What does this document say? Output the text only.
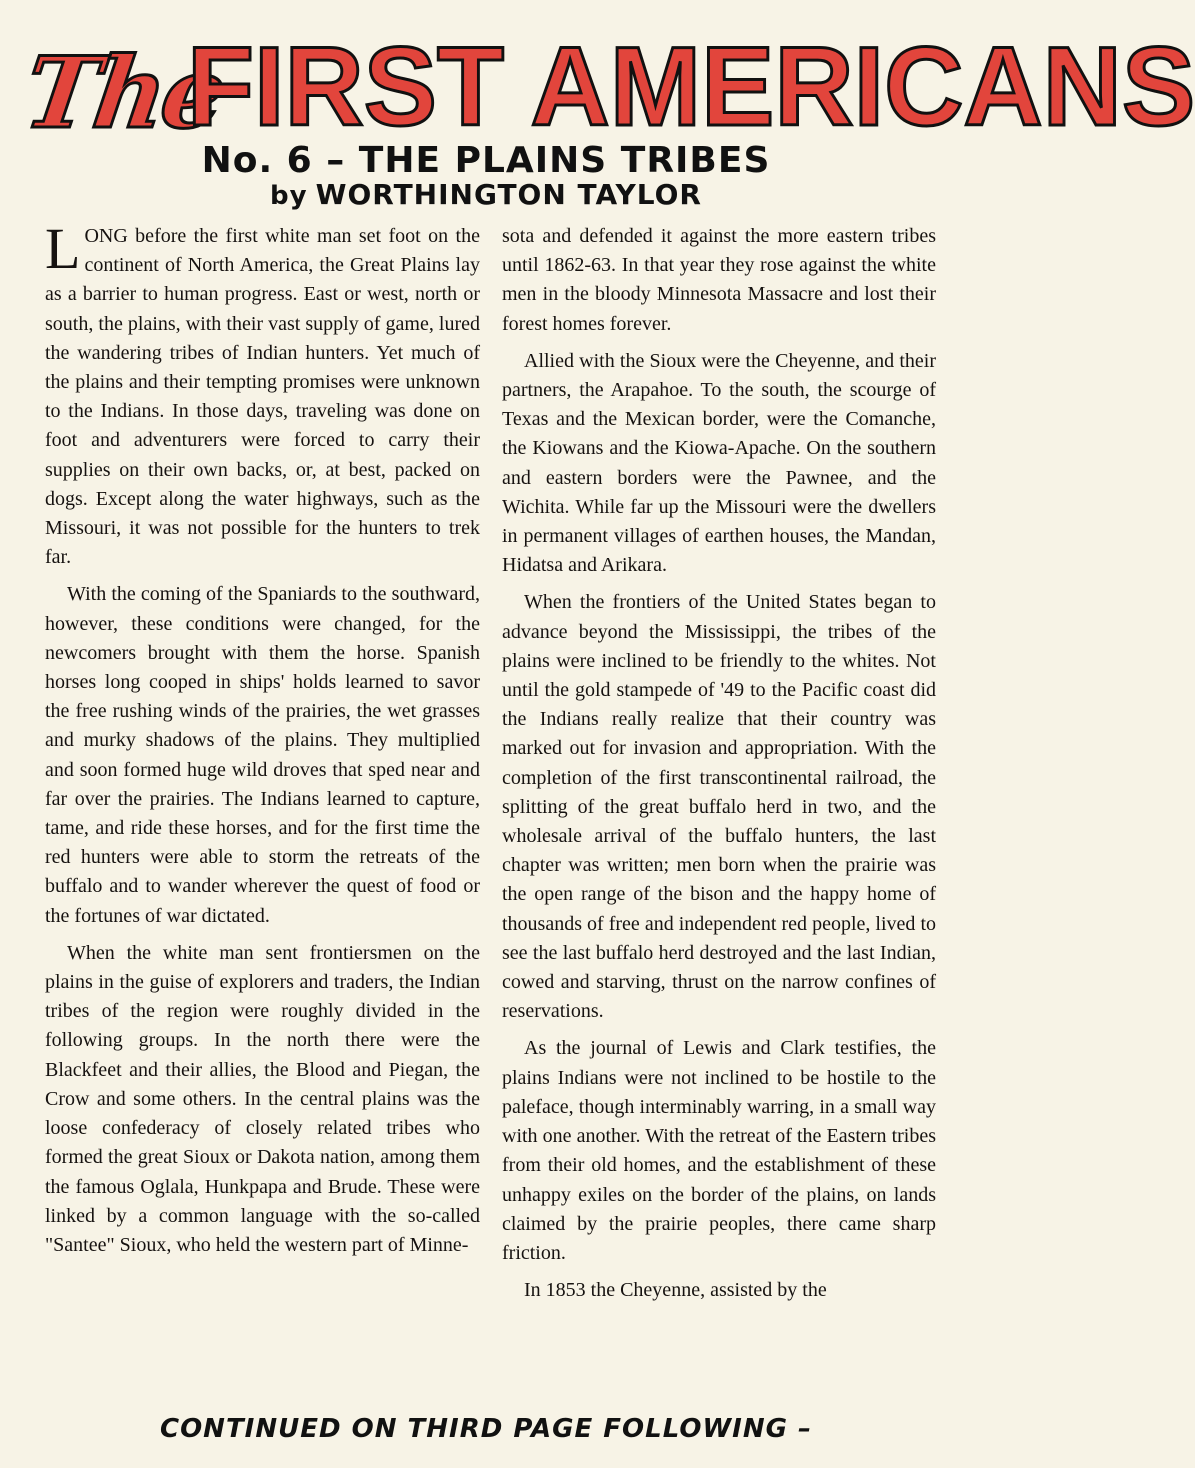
The
FIRST AMERICANS
No. 6 – THE PLAINS TRIBES
by WORTHINGTON TAYLOR

LONG before the first white man set foot on the continent of North America, the Great Plains lay as a barrier to human progress. East or west, north or south, the plains, with their vast supply of game, lured the wandering tribes of Indian hunters. Yet much of the plains and their tempting promises were unknown to the Indians. In those days, traveling was done on foot and adventurers were forced to carry their supplies on their own backs, or, at best, packed on dogs. Except along the water highways, such as the Missouri, it was not possible for the hunters to trek far.

With the coming of the Spaniards to the southward, however, these conditions were changed, for the newcomers brought with them the horse. Spanish horses long cooped in ships' holds learned to savor the free rushing winds of the prairies, the wet grasses and murky shadows of the plains. They multiplied and soon formed huge wild droves that sped near and far over the prairies. The Indians learned to capture, tame, and ride these horses, and for the first time the red hunters were able to storm the retreats of the buffalo and to wander wherever the quest of food or the fortunes of war dictated.

When the white man sent frontiersmen on the plains in the guise of explorers and traders, the Indian tribes of the region were roughly divided in the following groups. In the north there were the Blackfeet and their allies, the Blood and Piegan, the Crow and some others. In the central plains was the loose confederacy of closely related tribes who formed the great Sioux or Dakota nation, among them the famous Oglala, Hunkpapa and Brude. These were linked by a common language with the so-called "Santee" Sioux, who held the western part of Minne-

sota and defended it against the more eastern tribes until 1862-63. In that year they rose against the white men in the bloody Minnesota Massacre and lost their forest homes forever.

Allied with the Sioux were the Cheyenne, and their partners, the Arapahoe. To the south, the scourge of Texas and the Mexican border, were the Comanche, the Kiowans and the Kiowa-Apache. On the southern and eastern borders were the Pawnee, and the Wichita. While far up the Missouri were the dwellers in permanent villages of earthen houses, the Mandan, Hidatsa and Arikara.

When the frontiers of the United States began to advance beyond the Mississippi, the tribes of the plains were inclined to be friendly to the whites. Not until the gold stampede of '49 to the Pacific coast did the Indians really realize that their country was marked out for invasion and appropriation. With the completion of the first transcontinental railroad, the splitting of the great buffalo herd in two, and the wholesale arrival of the buffalo hunters, the last chapter was written; men born when the prairie was the open range of the bison and the happy home of thousands of free and independent red people, lived to see the last buffalo herd destroyed and the last Indian, cowed and starving, thrust on the narrow confines of reservations.

As the journal of Lewis and Clark testifies, the plains Indians were not inclined to be hostile to the paleface, though interminably warring, in a small way with one another. With the retreat of the Eastern tribes from their old homes, and the establishment of these unhappy exiles on the border of the plains, on lands claimed by the prairie peoples, there came sharp friction.

In 1853 the Cheyenne, assisted by the

CONTINUED ON THIRD PAGE FOLLOWING –
